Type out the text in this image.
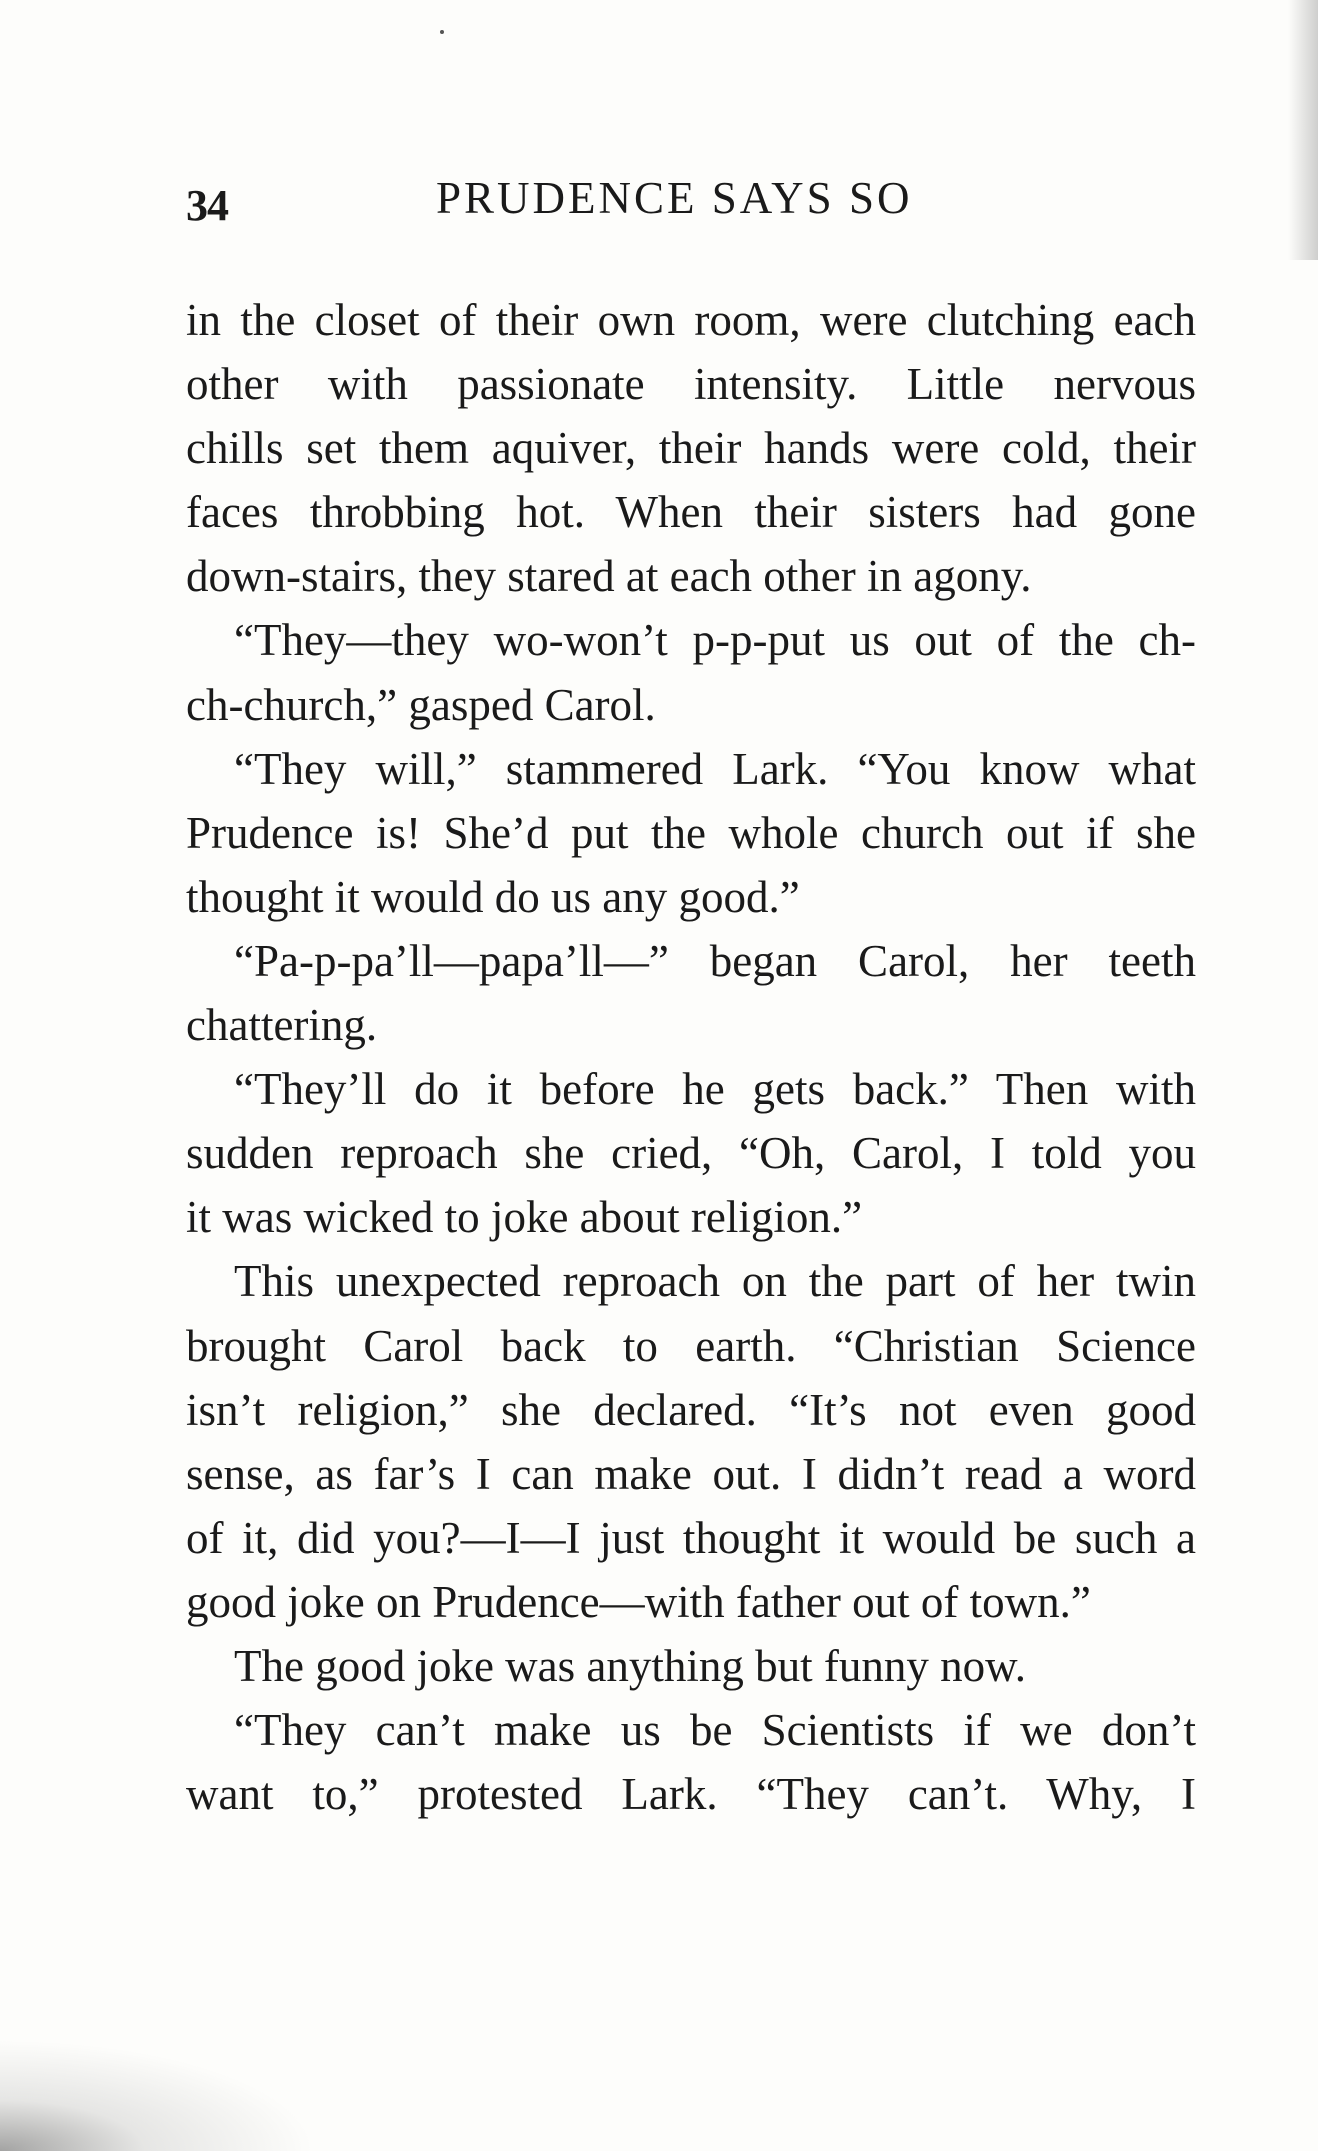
34	PRUDENCE SAYS SO
in the closet of their own room, were clutching each
other with passionate intensity. Little nervous
chills set them aquiver, their hands were cold, their
faces throbbing hot. When their sisters had gone
down-stairs, they stared at each other in agony.
“They—they wo-won’t p-p-put us out of the ch-
ch-church,” gasped Carol.
“They will,” stammered Lark. “You know what
Prudence is! She’d put the whole church out if she
thought it would do us any good.”
“Pa-p-pa’ll—papa’ll—” began Carol, her teeth
chattering.
“They’ll do it before he gets back.” Then with
sudden reproach she cried, “Oh, Carol, I told you
it was wicked to joke about religion.”
This unexpected reproach on the part of her twin
brought Carol back to earth. “Christian Science
isn’t religion,” she declared. “It’s not even good
sense, as far’s I can make out. I didn’t read a word
of it, did you?—I—I just thought it would be such a
good joke on Prudence—with father out of town.”
The good joke was anything but funny now.
“They can’t make us be Scientists if we don’t
want to,” protested Lark. “They can’t. Why, I
